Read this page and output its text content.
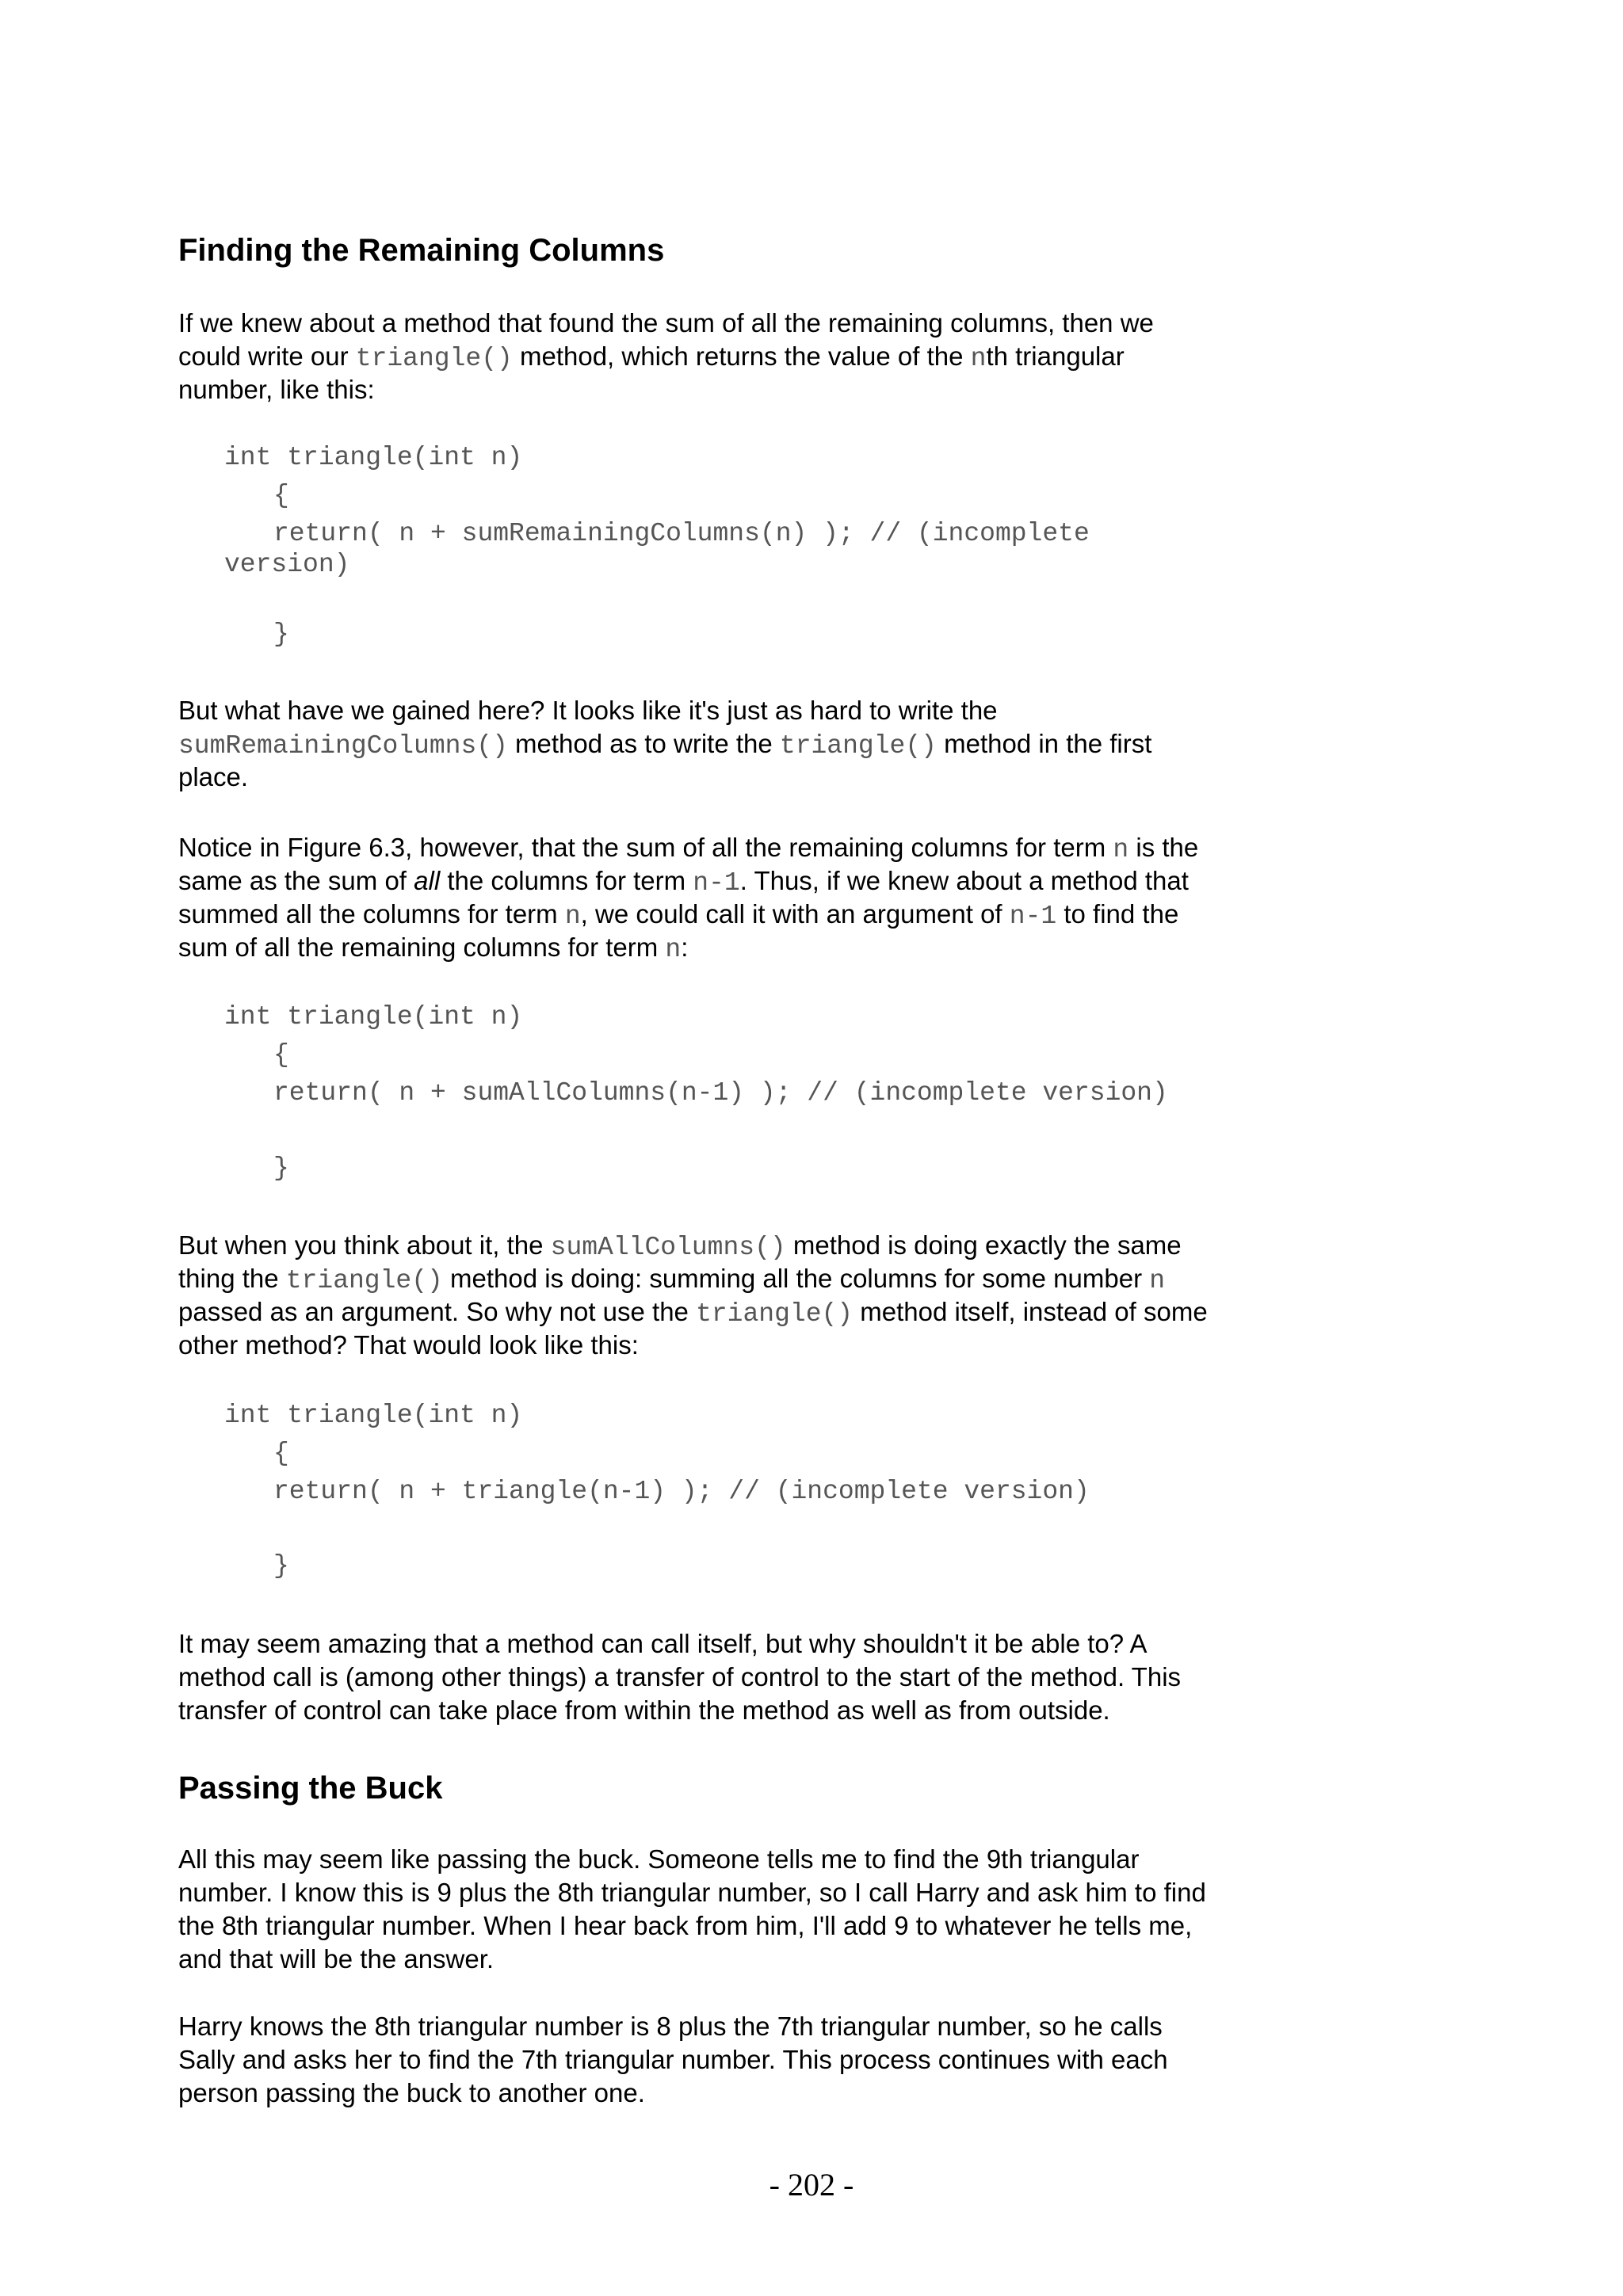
Finding the Remaining Columns
If we knew about a method that found the sum of all the remaining columns, then we
could write our triangle() method, which returns the value of the nth triangular
number, like this:
int triangle(int n)
{
return( n + sumRemainingColumns(n) ); // (incomplete
version)
}
But what have we gained here? It looks like it's just as hard to write the
sumRemainingColumns() method as to write the triangle() method in the first
place.
Notice in Figure 6.3, however, that the sum of all the remaining columns for term n is the
same as the sum of all the columns for term n-1. Thus, if we knew about a method that
summed all the columns for term n, we could call it with an argument of n-1 to find the
sum of all the remaining columns for term n:
int triangle(int n)
{
return( n + sumAllColumns(n-1) ); // (incomplete version)
}
But when you think about it, the sumAllColumns() method is doing exactly the same
thing the triangle() method is doing: summing all the columns for some number n
passed as an argument. So why not use the triangle() method itself, instead of some
other method? That would look like this:
int triangle(int n)
{
return( n + triangle(n-1) ); // (incomplete version)
}
It may seem amazing that a method can call itself, but why shouldn't it be able to? A
method call is (among other things) a transfer of control to the start of the method. This
transfer of control can take place from within the method as well as from outside.
Passing the Buck
All this may seem like passing the buck. Someone tells me to find the 9th triangular
number. I know this is 9 plus the 8th triangular number, so I call Harry and ask him to find
the 8th triangular number. When I hear back from him, I'll add 9 to whatever he tells me,
and that will be the answer.
Harry knows the 8th triangular number is 8 plus the 7th triangular number, so he calls
Sally and asks her to find the 7th triangular number. This process continues with each
person passing the buck to another one.
- 202 -
